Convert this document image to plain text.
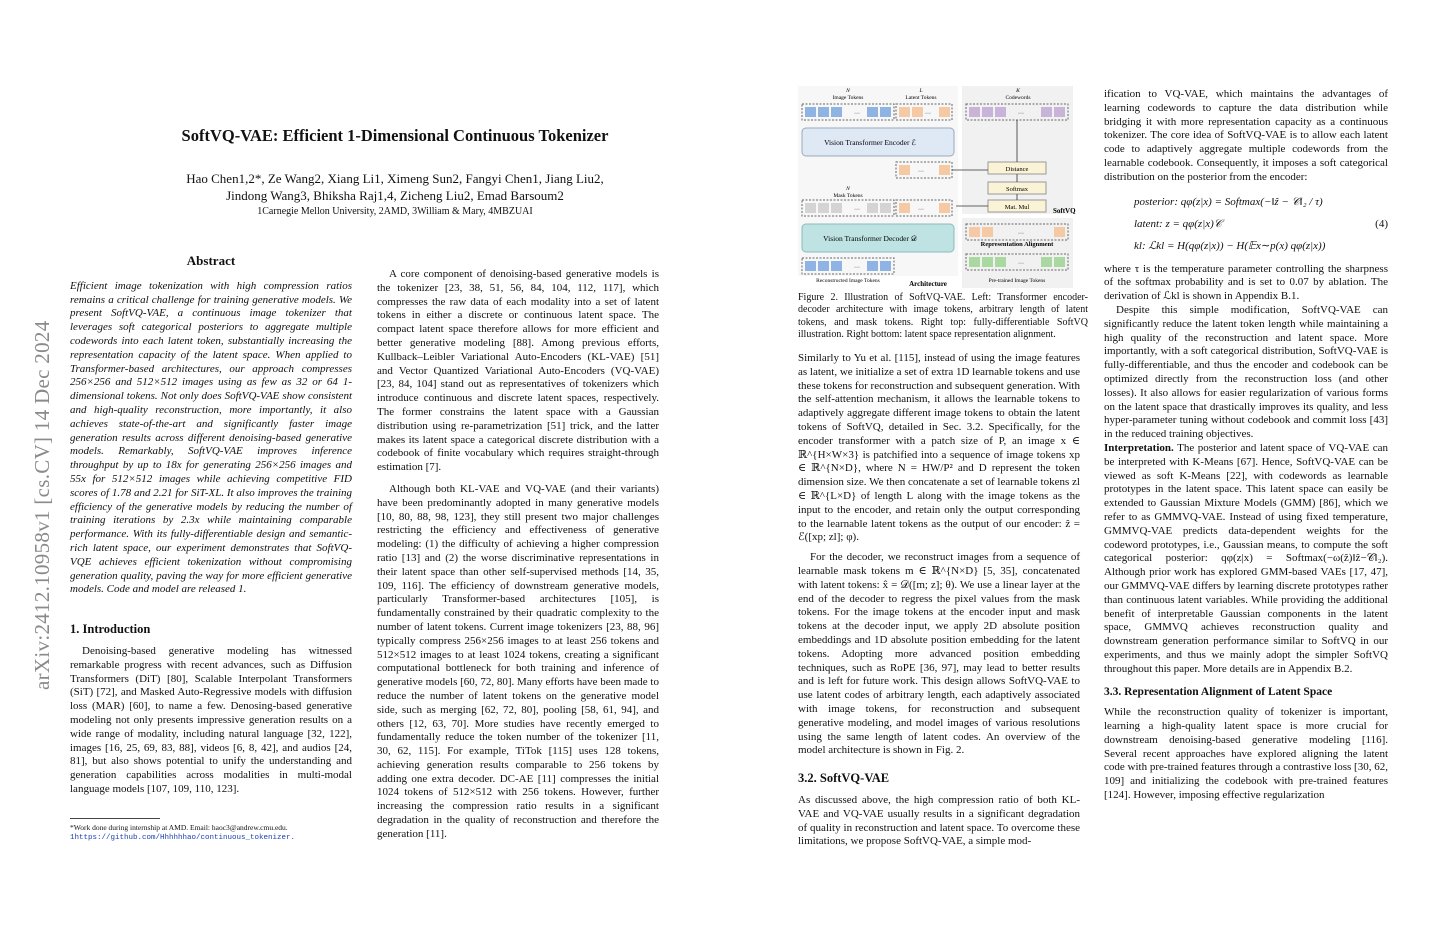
arXiv:2412.10958v1 [cs.CV] 14 Dec 2024
SoftVQ-VAE: Efficient 1-Dimensional Continuous Tokenizer
Hao Chen1,2*, Ze Wang2, Xiang Li1, Ximeng Sun2, Fangyi Chen1, Jiang Liu2,
Jindong Wang3, Bhiksha Raj1,4, Zicheng Liu2, Emad Barsoum2
1Carnegie Mellon University, 2AMD, 3William & Mary, 4MBZUAI
Abstract

Efficient image tokenization with high compression ratios remains a critical challenge for training generative models. We present SoftVQ-VAE, a continuous image tokenizer that leverages soft categorical posteriors to aggregate multiple codewords into each latent token, substantially increasing the representation capacity of the latent space. When applied to Transformer-based architectures, our approach compresses 256×256 and 512×512 images using as few as 32 or 64 1-dimensional tokens. Not only does SoftVQ-VAE show consistent and high-quality reconstruction, more importantly, it also achieves state-of-the-art and significantly faster image generation results across different denoising-based generative models. Remarkably, SoftVQ-VAE improves inference throughput by up to 18x for generating 256×256 images and 55x for 512×512 images while achieving competitive FID scores of 1.78 and 2.21 for SiT-XL. It also improves the training efficiency of the generative models by reducing the number of training iterations by 2.3x while maintaining comparable performance. With its fully-differentiable design and semantic-rich latent space, our experiment demonstrates that SoftVQ-VQE achieves efficient tokenization without compromising generation quality, paving the way for more efficient generative models. Code and model are released 1.

1. Introduction

Denoising-based generative modeling has witnessed remarkable progress with recent advances, such as Diffusion Transformers (DiT) [80], Scalable Interpolant Transformers (SiT) [72], and Masked Auto-Regressive models with diffusion loss (MAR) [60], to name a few. Denosing-based generative modeling not only presents impressive generation results on a wide range of modality, including natural language [32, 122], images [16, 25, 69, 83, 88], videos [6, 8, 42], and audios [24, 81], but also shows potential to unify the understanding and generation capabilities across modalities in multi-modal language models [107, 109, 110, 123].

*Work done during internship at AMD. Email: haoc3@andrew.cmu.edu.
1https://github.com/Hhhhhhao/continuous_tokenizer.

A core component of denoising-based generative models is the tokenizer [23, 38, 51, 56, 84, 104, 112, 117], which compresses the raw data of each modality into a set of latent tokens in either a discrete or continuous latent space. The compact latent space therefore allows for more efficient and better generative modeling [88]. Among previous efforts, Kullback–Leibler Variational Auto-Encoders (KL-VAE) [51] and Vector Quantized Variational Auto-Encoders (VQ-VAE) [23, 84, 104] stand out as representatives of tokenizers which introduce continuous and discrete latent spaces, respectively. The former constrains the latent space with a Gaussian distribution using re-parametrization [51] trick, and the latter makes its latent space a categorical discrete distribution with a codebook of finite vocabulary which requires straight-through estimation [7].

Although both KL-VAE and VQ-VAE (and their variants) have been predominantly adopted in many generative models [10, 80, 88, 98, 123], they still present two major challenges restricting the efficiency and effectiveness of generative modeling: (1) the difficulty of achieving a higher compression ratio [13] and (2) the worse discriminative representations in their latent space than other self-supervised methods [14, 35, 109, 116]. The efficiency of downstream generative models, particularly Transformer-based architectures [105], is fundamentally constrained by their quadratic complexity to the number of latent tokens. Current image tokenizers [23, 88, 96] typically compress 256×256 images to at least 256 tokens and 512×512 images to at least 1024 tokens, creating a significant computational bottleneck for both training and inference of generative models [60, 72, 80]. Many efforts have been made to reduce the number of latent tokens on the generative model side, such as merging [62, 72, 80], pooling [58, 61, 94], and others [12, 63, 70]. More studies have recently emerged to fundamentally reduce the token number of the tokenizer [11, 30, 62, 115]. For example, TiTok [115] uses 128 tokens, achieving generation results comparable to 256 tokens by adding one extra decoder. DC-AE [11] compresses the initial 1024 tokens of 512×512 with 256 tokens. However, further increasing the compression ratio results in a significant degradation in the quality of reconstruction and therefore the generation [11].

N
Image Tokens
L
Latent Tokens
K
Codewords
···	···	···
Vision Transformer Encoder ℰ
···	Distance
Softmax
Mat. Mul	SoftVQ
N
Mask Tokens
···	···
Vision Transformer Decoder 𝒟
···
Reconstructed Image Tokens	Architecture
Representation Alignment
···
···
Pre-trained Image Tokens
Figure 2. Illustration of SoftVQ-VAE. Left: Transformer encoder-decoder architecture with image tokens, arbitrary length of latent tokens, and mask tokens. Right top: fully-differentiable SoftVQ illustration. Right bottom: latent space representation alignment.

Similarly to Yu et al. [115], instead of using the image features as latent, we initialize a set of extra 1D learnable tokens and use these tokens for reconstruction and subsequent generation. With the self-attention mechanism, it allows the learnable tokens to adaptively aggregate different image tokens to obtain the latent tokens of SoftVQ, detailed in Sec. 3.2. Specifically, for the encoder transformer with a patch size of P, an image x ∈ ℝ^{H×W×3} is patchified into a sequence of image tokens xp ∈ ℝ^{N×D}, where N = HW/P² and D represent the token dimension size. We then concatenate a set of learnable tokens zl ∈ ℝ^{L×D} of length L along with the image tokens as the input to the encoder, and retain only the output corresponding to the learnable latent tokens as the output of our encoder: ẑ = ℰ([xp; zl]; φ).

For the decoder, we reconstruct images from a sequence of learnable mask tokens m ∈ ℝ^{N×D} [5, 35], concatenated with latent tokens: x̂ = 𝒟([m; z]; θ). We use a linear layer at the end of the decoder to regress the pixel values from the mask tokens. For the image tokens at the encoder input and mask tokens at the decoder input, we apply 2D absolute position embeddings and 1D absolute position embedding for the latent tokens. Adopting more advanced position embedding techniques, such as RoPE [36, 97], may lead to better results and is left for future work. This design allows SoftVQ-VAE to use latent codes of arbitrary length, each adaptively associated with image tokens, for reconstruction and subsequent generative modeling, and model images of various resolutions using the same length of latent codes. An overview of the model architecture is shown in Fig. 2.

3.2. SoftVQ-VAE

As discussed above, the high compression ratio of both KL-VAE and VQ-VAE usually results in a significant degradation of quality in reconstruction and latent space. To overcome these limitations, we propose SoftVQ-VAE, a simple mod-

ification to VQ-VAE, which maintains the advantages of learning codewords to capture the data distribution while bridging it with more representation capacity as a continuous tokenizer. The core idea of SoftVQ-VAE is to allow each latent code to adaptively aggregate multiple codewords from the learnable codebook. Consequently, it imposes a soft categorical distribution on the posterior from the encoder:

posterior: qφ(z|x) = Softmax(−‖ẑ − 𝒞‖₂ / τ)
latent: z = qφ(z|x)𝒞
kl: ℒkl = H(qφ(z|x)) − H(𝔼x∼p(x) qφ(z|x))
(4)

where τ is the temperature parameter controlling the sharpness of the softmax probability and is set to 0.07 by ablation. The derivation of ℒkl is shown in Appendix B.1.

Despite this simple modification, SoftVQ-VAE can significantly reduce the latent token length while maintaining a high quality of the reconstruction and latent space. More importantly, with a soft categorical distribution, SoftVQ-VAE is fully-differentiable, and thus the encoder and codebook can be optimized directly from the reconstruction loss (and other losses). It also allows for easier regularization of various forms on the latent space that drastically improves its quality, and less hyper-parameter tuning without codebook and commit loss [43] in the reduced training objectives.

Interpretation. The posterior and latent space of VQ-VAE can be interpreted with K-Means [67]. Hence, SoftVQ-VAE can be viewed as soft K-Means [22], with codewords as learnable prototypes in the latent space. This latent space can easily be extended to Gaussian Mixture Models (GMM) [86], which we refer to as GMMVQ-VAE. Instead of using fixed temperature, GMMVQ-VAE predicts data-dependent weights for the codeword prototypes, i.e., Gaussian means, to compute the soft categorical posterior: qφ(z|x) = Softmax(−ω(ẑ)‖ẑ−𝒞‖₂). Although prior work has explored GMM-based VAEs [17, 47], our GMMVQ-VAE differs by learning discrete prototypes rather than continuous latent variables. While providing the additional benefit of interpretable Gaussian components in the latent space, GMMVQ achieves reconstruction quality and downstream generation performance similar to SoftVQ in our experiments, and thus we mainly adopt the simpler SoftVQ throughout this paper. More details are in Appendix B.2.

3.3. Representation Alignment of Latent Space

While the reconstruction quality of tokenizer is important, learning a high-quality latent space is more crucial for downstream denoising-based generative modeling [116]. Several recent approaches have explored aligning the latent code with pre-trained features through a contrastive loss [30, 62, 109] and initializing the codebook with pre-trained features [124]. However, imposing effective regularization
